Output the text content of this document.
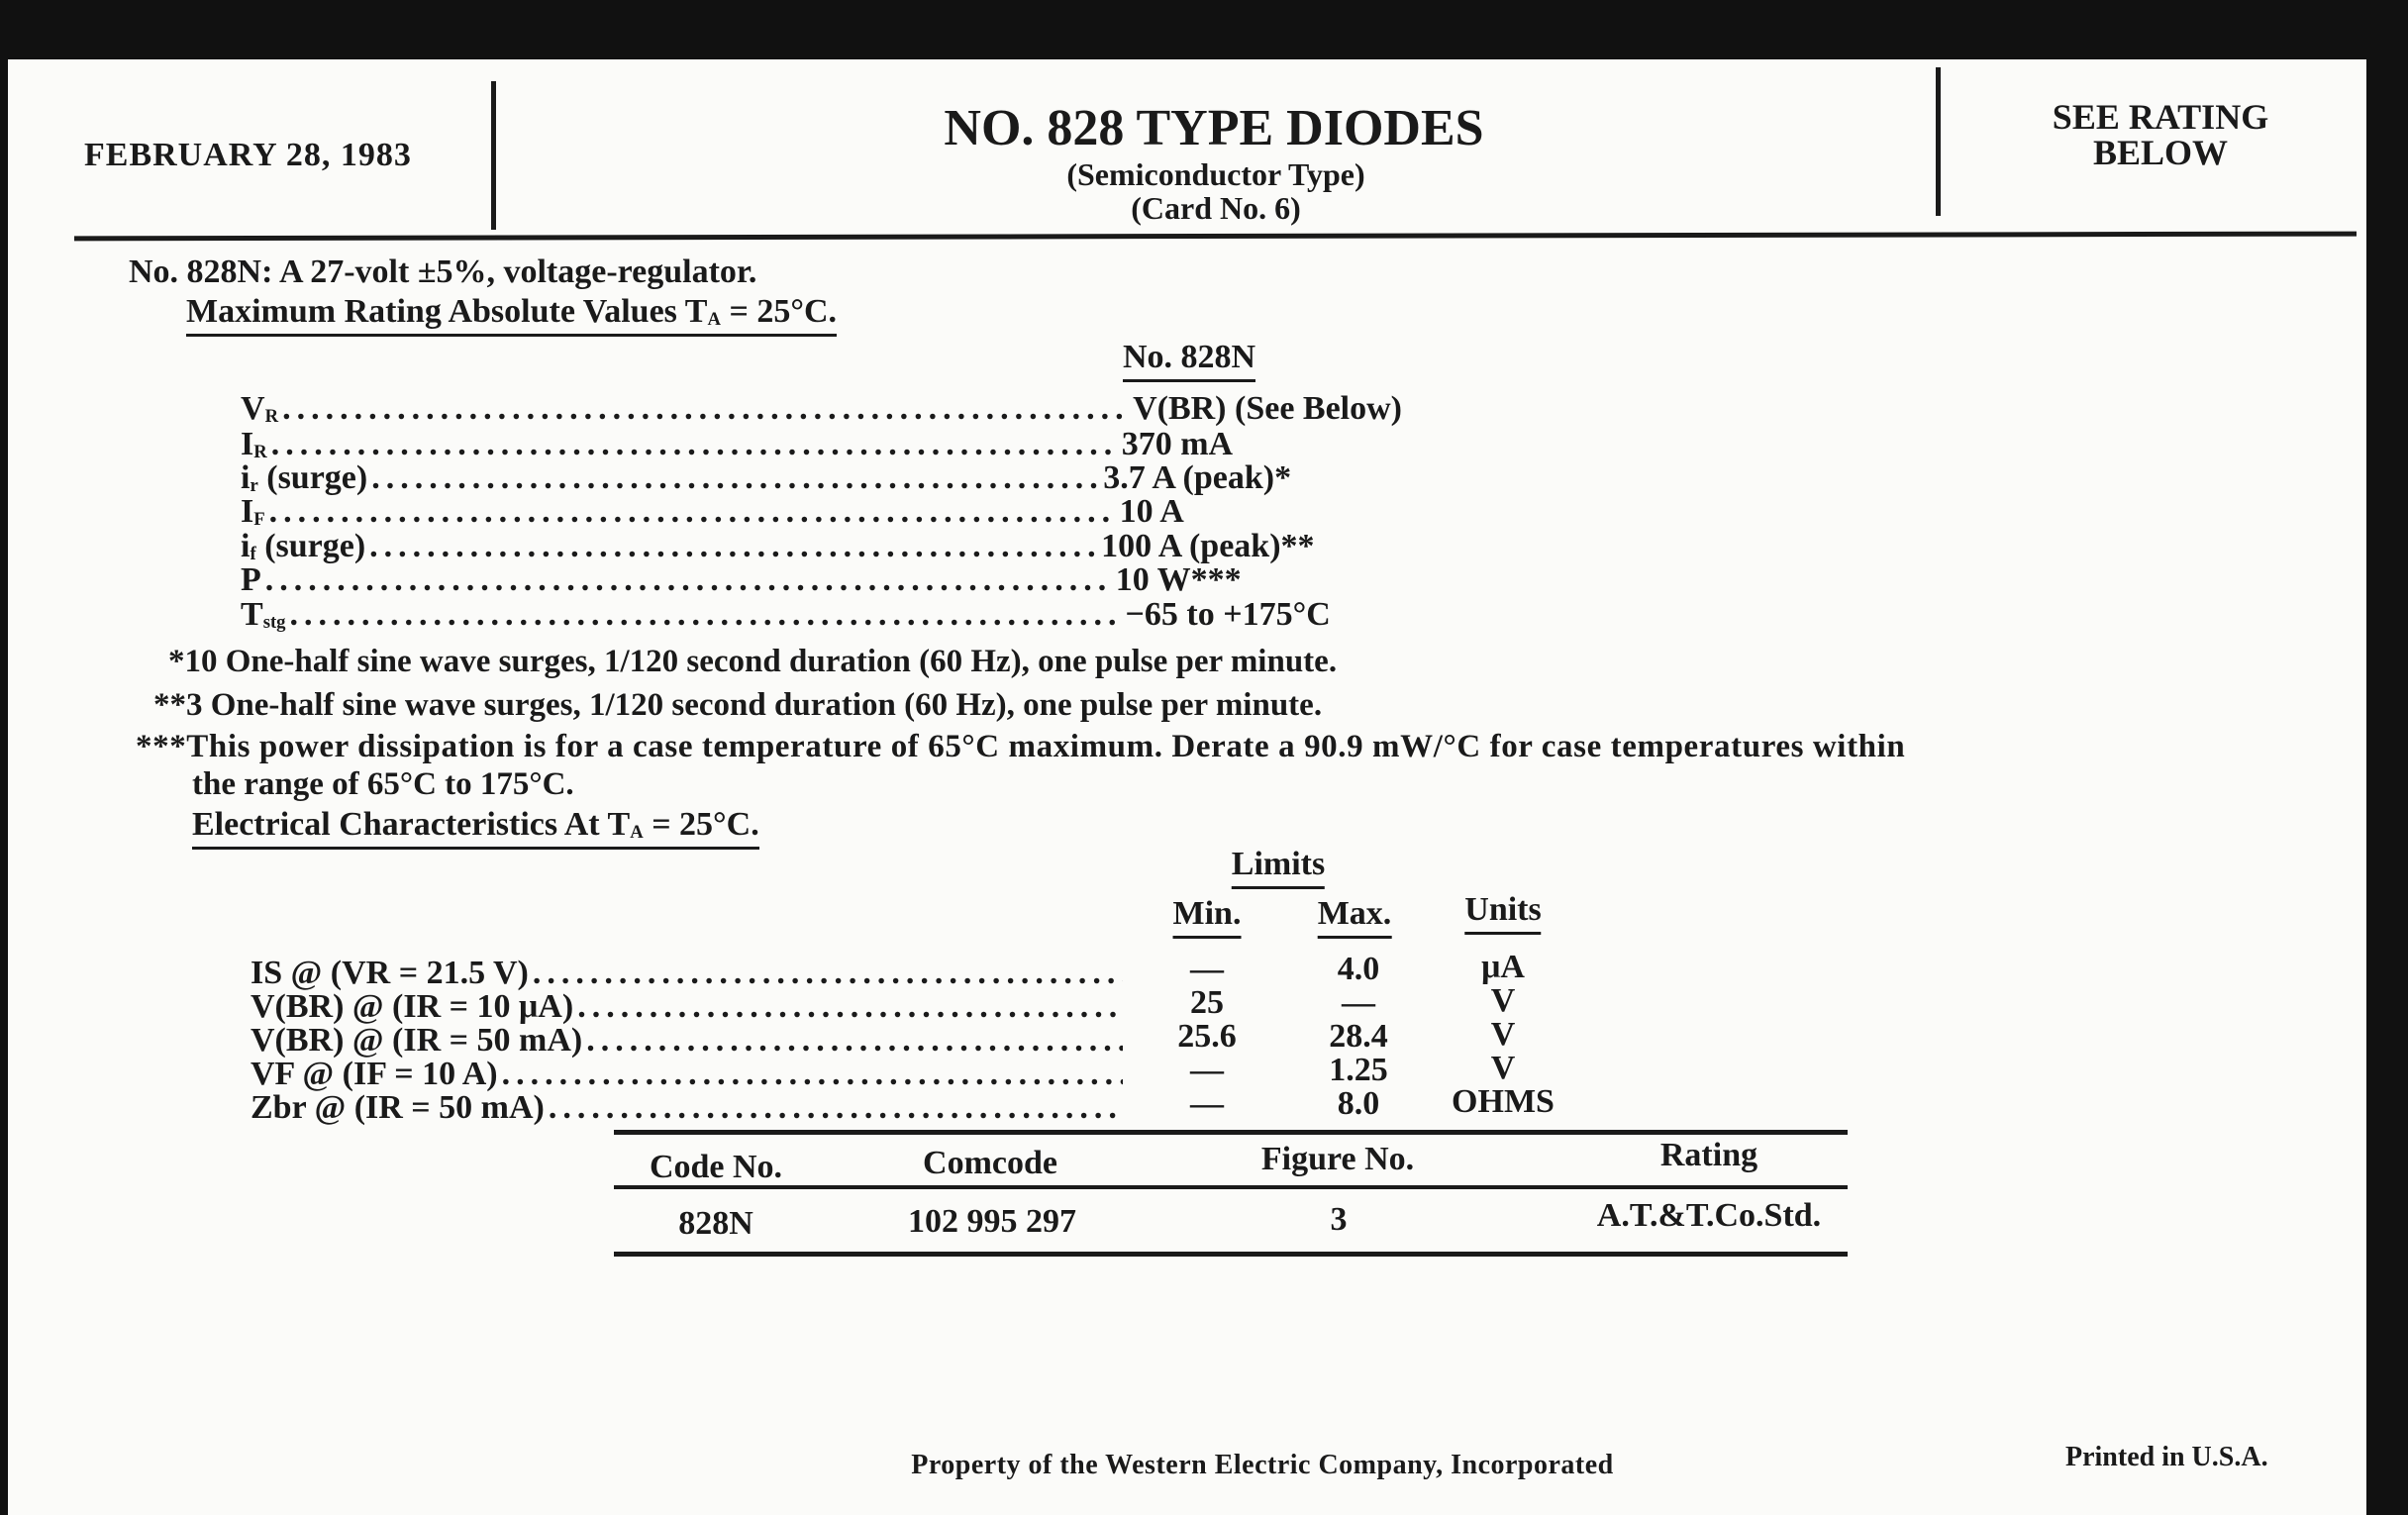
FEBRUARY 28, 1983	NO. 828 TYPE DIODES
(Semiconductor Type)
(Card No. 6)
SEE RATING
BELOW
No. 828N: A 27-volt ±5%, voltage-regulator.
Maximum Rating Absolute Values $T_A = 25^\circ C$.
No. 828N
$V_R$ .....	V(BR) (See Below)
$I_R$ .....	370 mA
$i_r$ (surge) .....	3.7 A (peak)*
$I_F$ .....	10 A
$i_f$ (surge) .....	100 A (peak)**
P .....	10 W***
$T_{stg}$ .....	−65 to +175°C
*10 One-half sine wave surges, 1/120 second duration (60 Hz), one pulse per minute.
**3 One-half sine wave surges, 1/120 second duration (60 Hz), one pulse per minute.
***This power dissipation is for a case temperature of 65°C maximum. Derate a 90.9 mW/°C for case temperatures within
the range of 65°C to 175°C.
Electrical Characteristics At $T_A = 25^\circ C$.
Limits
Min. Max. Units
IS @ (VR = 21.5 V) .....	—	4.0	μA
V(BR) @ (IR = 10 μA) .....	25	—	V
V(BR) @ (IR = 50 mA) .....	25.6	28.4	V
VF @ (IF = 10 A) .....	—	1.25	V
Zbr @ (IR = 50 mA) .....	—	8.0 OHMS
Code No.	Comcode	Figure No.	Rating
828N	102 995 297	3	A.T.&T.Co.Std.
Property of the Western Electric Company, Incorporated	Printed in U.S.A.
